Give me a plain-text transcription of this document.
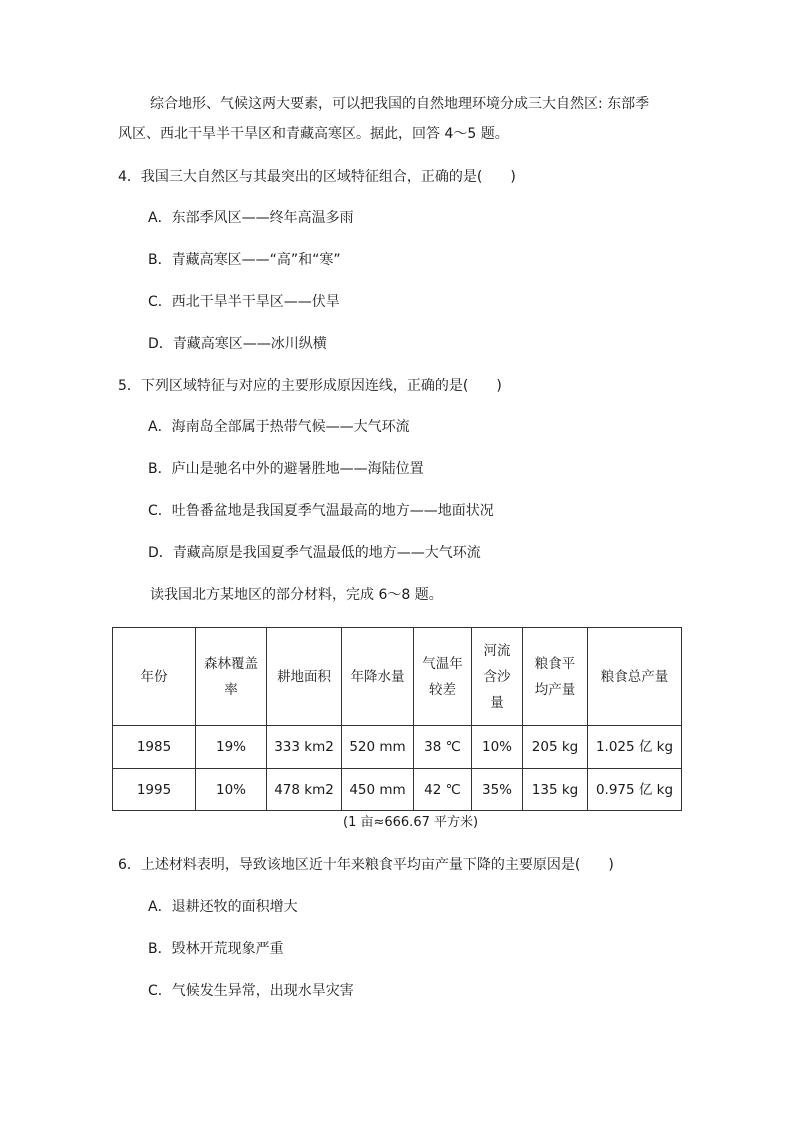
综合地形、气候这两大要素，可以把我国的自然地理环境分成三大自然区: 东部季
风区、西北干旱半干旱区和青藏高寒区。据此，回答 4～5 题。
4．我国三大自然区与其最突出的区域特征组合，正确的是(　　)
A．东部季风区——终年高温多雨
B．青藏高寒区——“高”和“寒”
C．西北干旱半干旱区——伏旱
D．青藏高寒区——冰川纵横
5．下列区域特征与对应的主要形成原因连线，正确的是(　　)
A．海南岛全部属于热带气候——大气环流
B．庐山是驰名中外的避暑胜地——海陆位置
C．吐鲁番盆地是我国夏季气温最高的地方——地面状况
D．青藏高原是我国夏季气温最低的地方——大气环流
读我国北方某地区的部分材料，完成 6～8 题。
年份	森林覆盖率	耕地面积	年降水量	气温年较差	河流含沙量	粮食平均产量	粮食总产量
1985	19%	333 km2	520 mm	38 ℃	10%	205 kg	1.025 亿 kg
1995	10%	478 km2	450 mm	42 ℃	35%	135 kg	0.975 亿 kg
(1 亩≈666.67 平方米)
6．上述材料表明，导致该地区近十年来粮食平均亩产量下降的主要原因是(　　)
A．退耕还牧的面积增大
B．毁林开荒现象严重
C．气候发生异常，出现水旱灾害
